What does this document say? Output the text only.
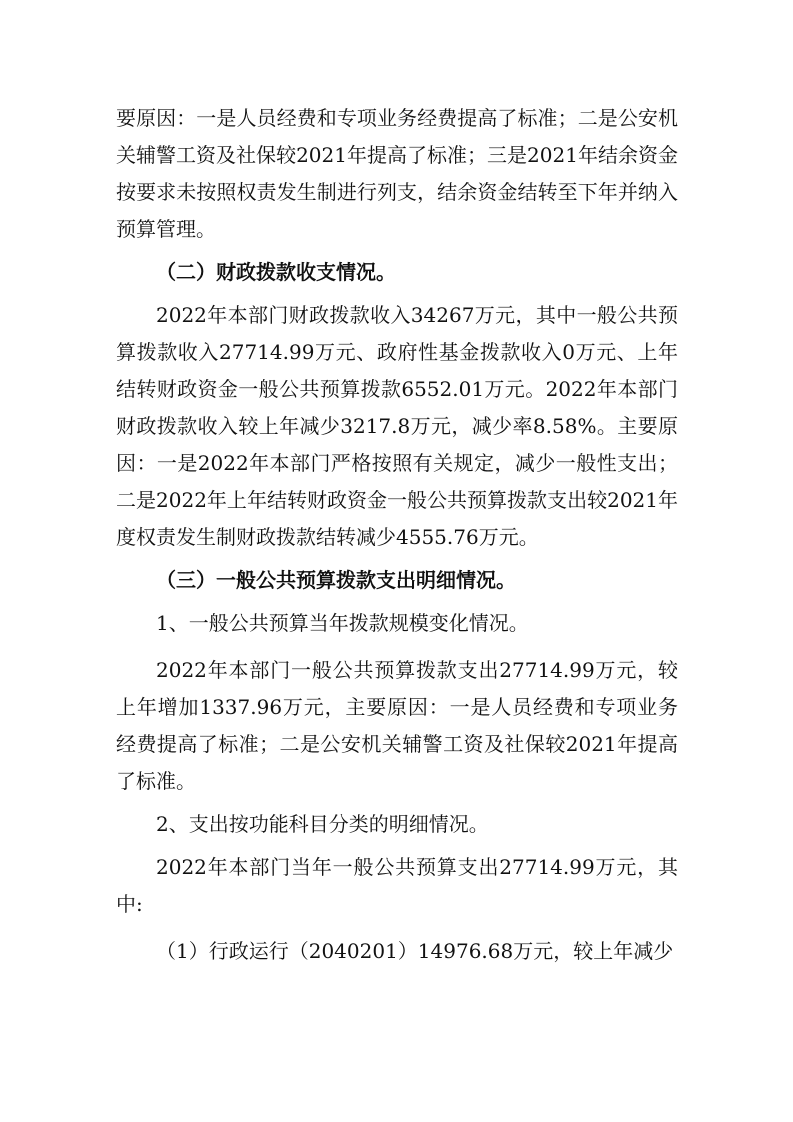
要原因：一是人员经费和专项业务经费提高了标准；二是公安机关辅警工资及社保较2021年提高了标准；三是2021年结余资金按要求未按照权责发生制进行列支，结余资金结转至下年并纳入预算管理。

（二）财政拨款收支情况。

2022年本部门财政拨款收入34267万元，其中一般公共预算拨款收入27714.99万元、政府性基金拨款收入0万元、上年结转财政资金一般公共预算拨款6552.01万元。2022年本部门财政拨款收入较上年减少3217.8万元，减少率8.58%。主要原因：一是2022年本部门严格按照有关规定，减少一般性支出；二是2022年上年结转财政资金一般公共预算拨款支出较2021年度权责发生制财政拨款结转减少4555.76万元。

（三）一般公共预算拨款支出明细情况。

1、一般公共预算当年拨款规模变化情况。

2022年本部门一般公共预算拨款支出27714.99万元，较上年增加1337.96万元，主要原因：一是人员经费和专项业务经费提高了标准；二是公安机关辅警工资及社保较2021年提高了标准。

2、支出按功能科目分类的明细情况。

2022年本部门当年一般公共预算支出27714.99万元，其中:

（1）行政运行（2040201）14976.68万元，较上年减少
